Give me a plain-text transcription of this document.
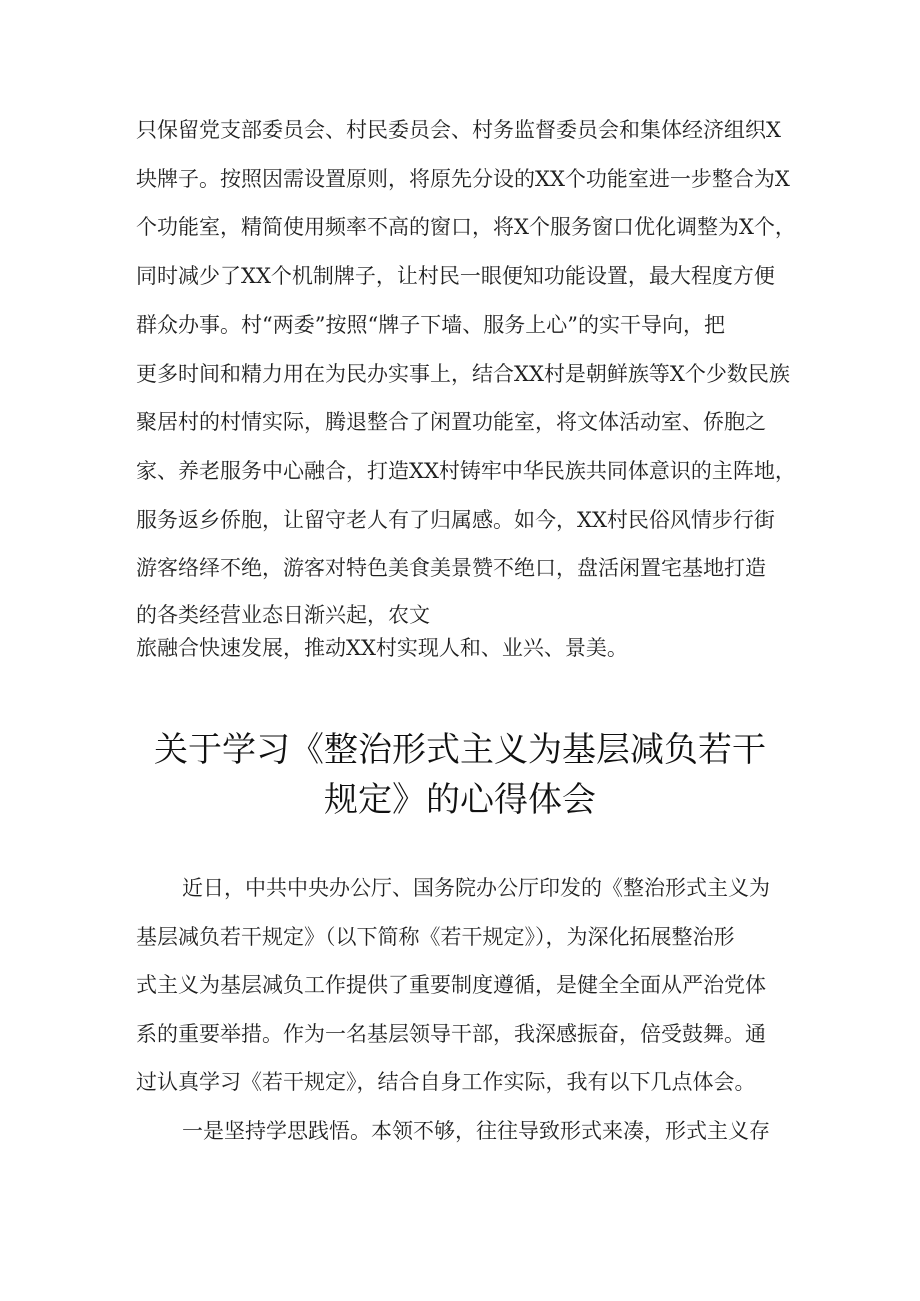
只保留党支部委员会、村民委员会、村务监督委员会和集体经济组织X
块牌子。按照因需设置原则，将原先分设的XX个功能室进一步整合为X
个功能室，精简使用频率不高的窗口，将X个服务窗口优化调整为X个，
同时减少了XX个机制牌子，让村民一眼便知功能设置，最大程度方便
群众办事。村“两委”按照“牌子下墙、服务上心”的实干导向，把
更多时间和精力用在为民办实事上，结合XX村是朝鲜族等X个少数民族
聚居村的村情实际，腾退整合了闲置功能室，将文体活动室、侨胞之
家、养老服务中心融合，打造XX村铸牢中华民族共同体意识的主阵地，
服务返乡侨胞，让留守老人有了归属感。如今，XX村民俗风情步行街
游客络绎不绝，游客对特色美食美景赞不绝口，盘活闲置宅基地打造
的各类经营业态日渐兴起，农文
旅融合快速发展，推动XX村实现人和、业兴、景美。
关于学习《整治形式主义为基层减负若干
规定》的心得体会
近日，中共中央办公厅、国务院办公厅印发的《整治形式主义为
基层减负若干规定》（以下简称《若干规定》），为深化拓展整治形
式主义为基层减负工作提供了重要制度遵循，是健全全面从严治党体
系的重要举措。作为一名基层领导干部，我深感振奋，倍受鼓舞。通
过认真学习《若干规定》，结合自身工作实际，我有以下几点体会。
一是坚持学思践悟。本领不够，往往导致形式来凑，形式主义存
